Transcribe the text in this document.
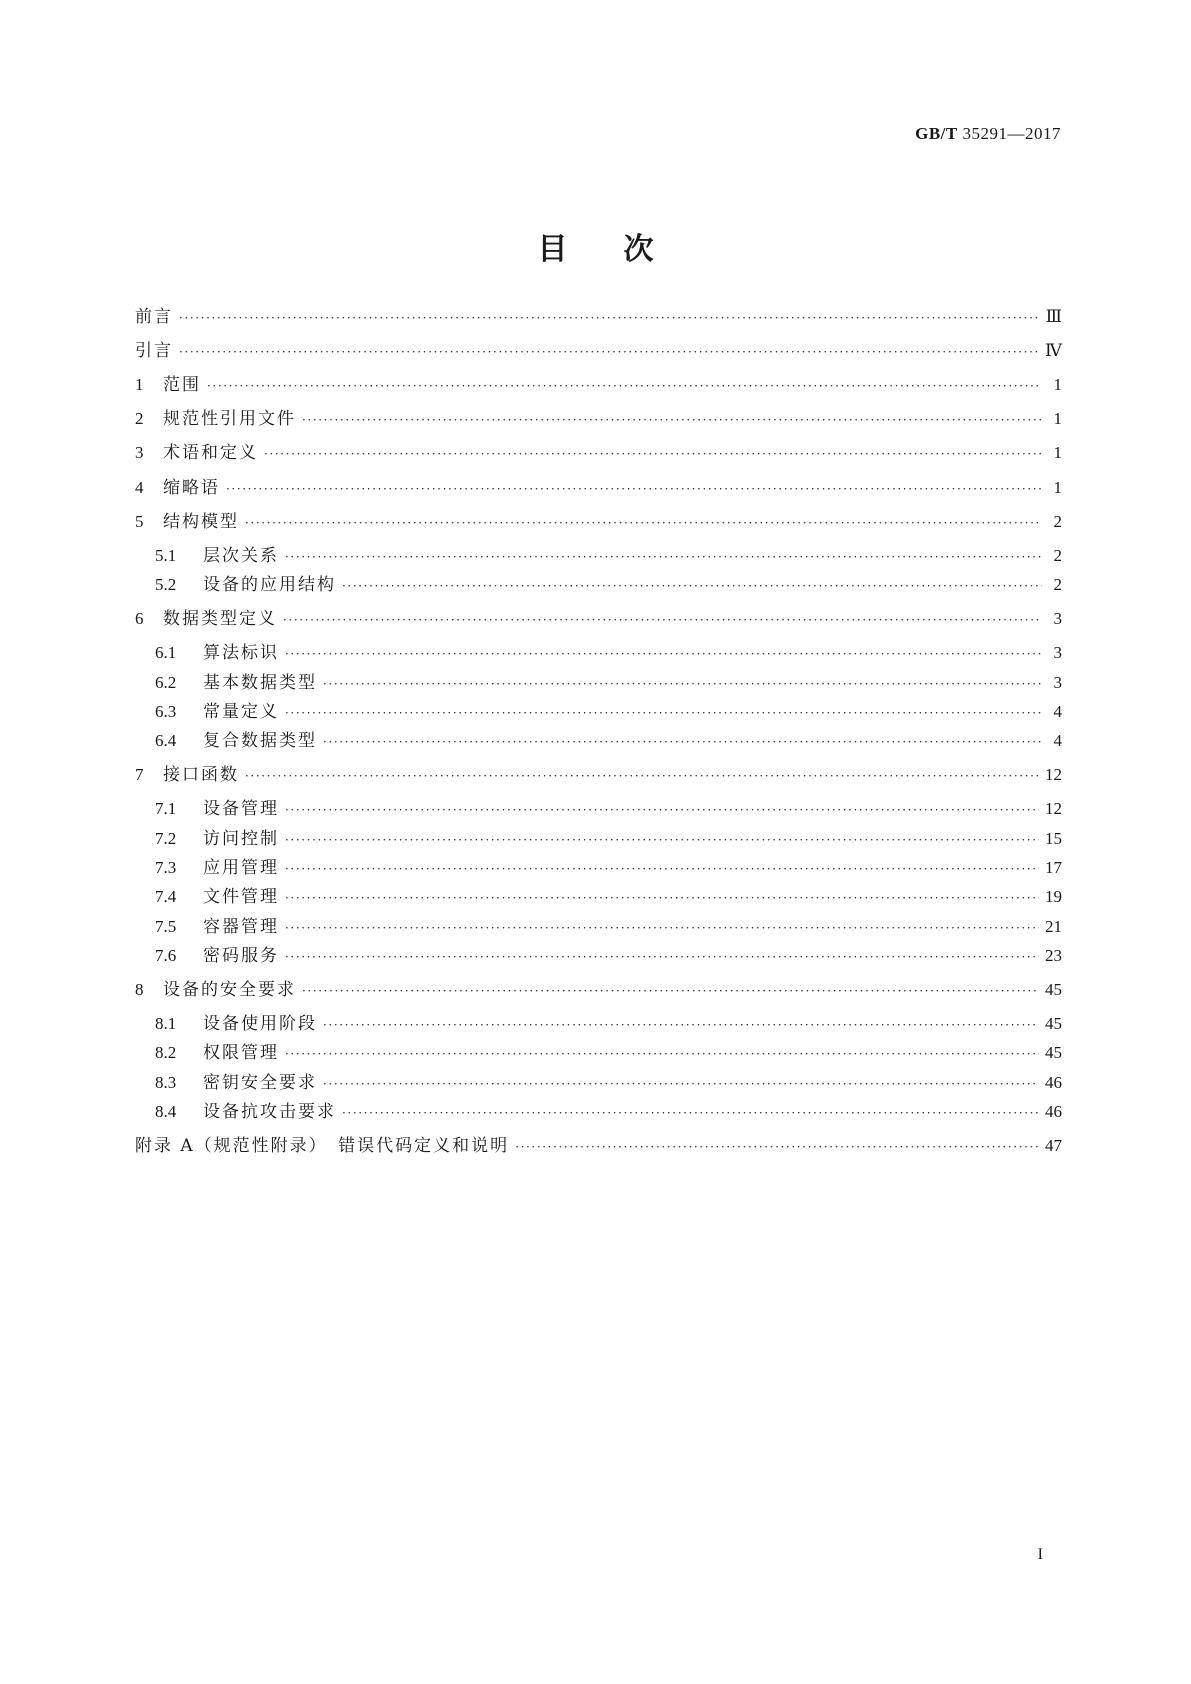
GB/T 35291—2017
目次
前言 ·····	Ⅲ
引言 ·····	Ⅳ
1	范围 ·····	1
2	规范性引用文件 ·····	1
3	术语和定义 ·····	1
4	缩略语 ·····	1
5	结构模型 ·····	2
5.1	层次关系 ·····	2
5.2	设备的应用结构 ·····	2
6	数据类型定义 ·····	3
6.1	算法标识 ·····	3
6.2	基本数据类型 ·····	3
6.3	常量定义 ·····	4
6.4	复合数据类型 ·····	4
7	接口函数 ·····	12
7.1	设备管理 ·····	12
7.2	访问控制 ·····	15
7.3	应用管理 ·····	17
7.4	文件管理 ·····	19
7.5	容器管理 ·····	21
7.6	密码服务 ·····	23
8	设备的安全要求 ·····	45
8.1	设备使用阶段 ·····	45
8.2	权限管理 ·····	45
8.3	密钥安全要求 ·····	46
8.4	设备抗攻击要求 ·····	46
附录 A（规范性附录）　错误代码定义和说明 ·····	47
I
